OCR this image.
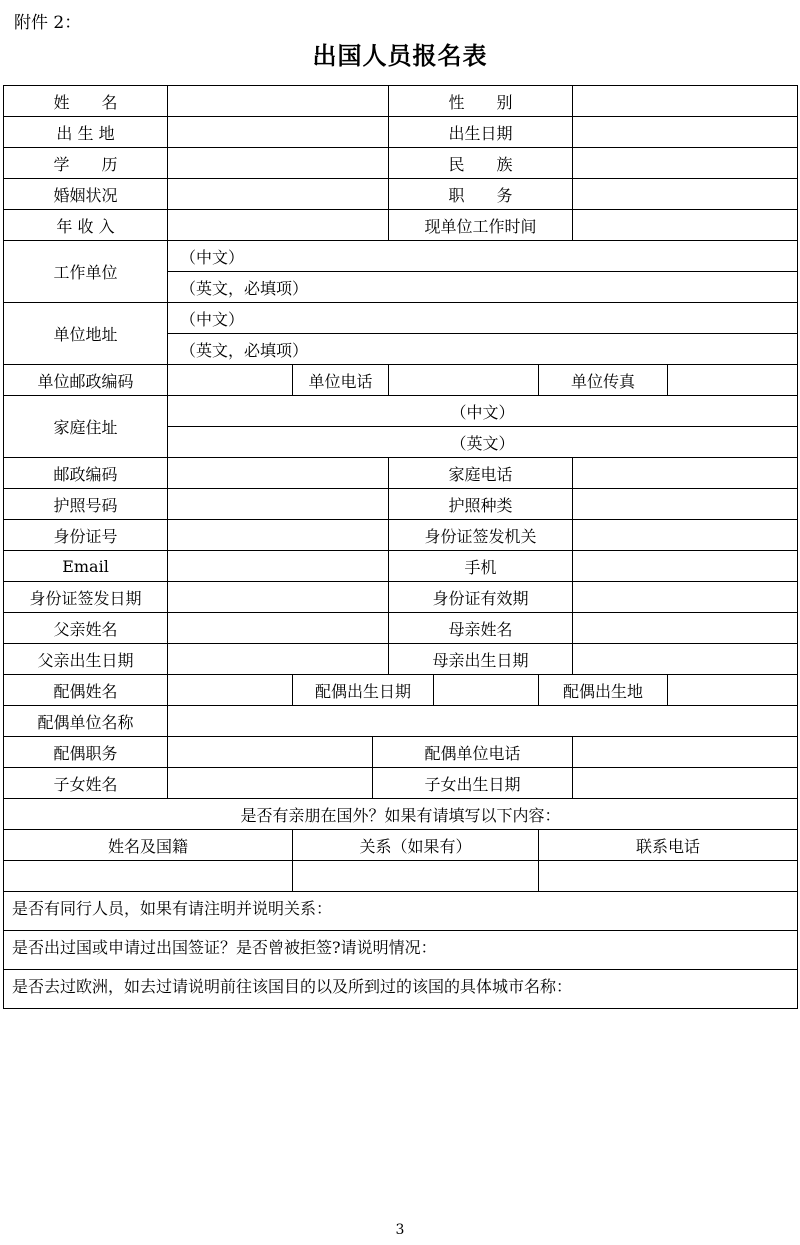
附件 2：
出国人员报名表
姓　　名				性　　别				
出 生 地				出生日期				
学　　历				民　　族				
婚姻状况				职　　务				
年 收 入				现单位工作时间				
工作单位	（中文）							
	（英文，必填项）							
单位地址	（中文）							
	（英文，必填项）							
单位邮政编码		单位电话				单位传真		
家庭住址	（中文）							
	（英文）							
邮政编码				家庭电话				
护照号码				护照种类				
身份证号				身份证签发机关				
Email				手机				
身份证签发日期				身份证有效期				
父亲姓名				母亲姓名				
父亲出生日期				母亲出生日期				
配偶姓名		配偶出生日期				配偶出生地		
配偶单位名称								
配偶职务			配偶单位电话					
子女姓名			子女出生日期					
是否有亲朋在国外？如果有请填写以下内容：								
姓名及国籍		关系（如果有）				联系电话		

是否有同行人员，如果有请注明并说明关系：								
是否出过国或申请过出国签证？是否曾被拒签?请说明情况：								
是否去过欧洲，如去过请说明前往该国目的以及所到过的该国的具体城市名称：								
3
